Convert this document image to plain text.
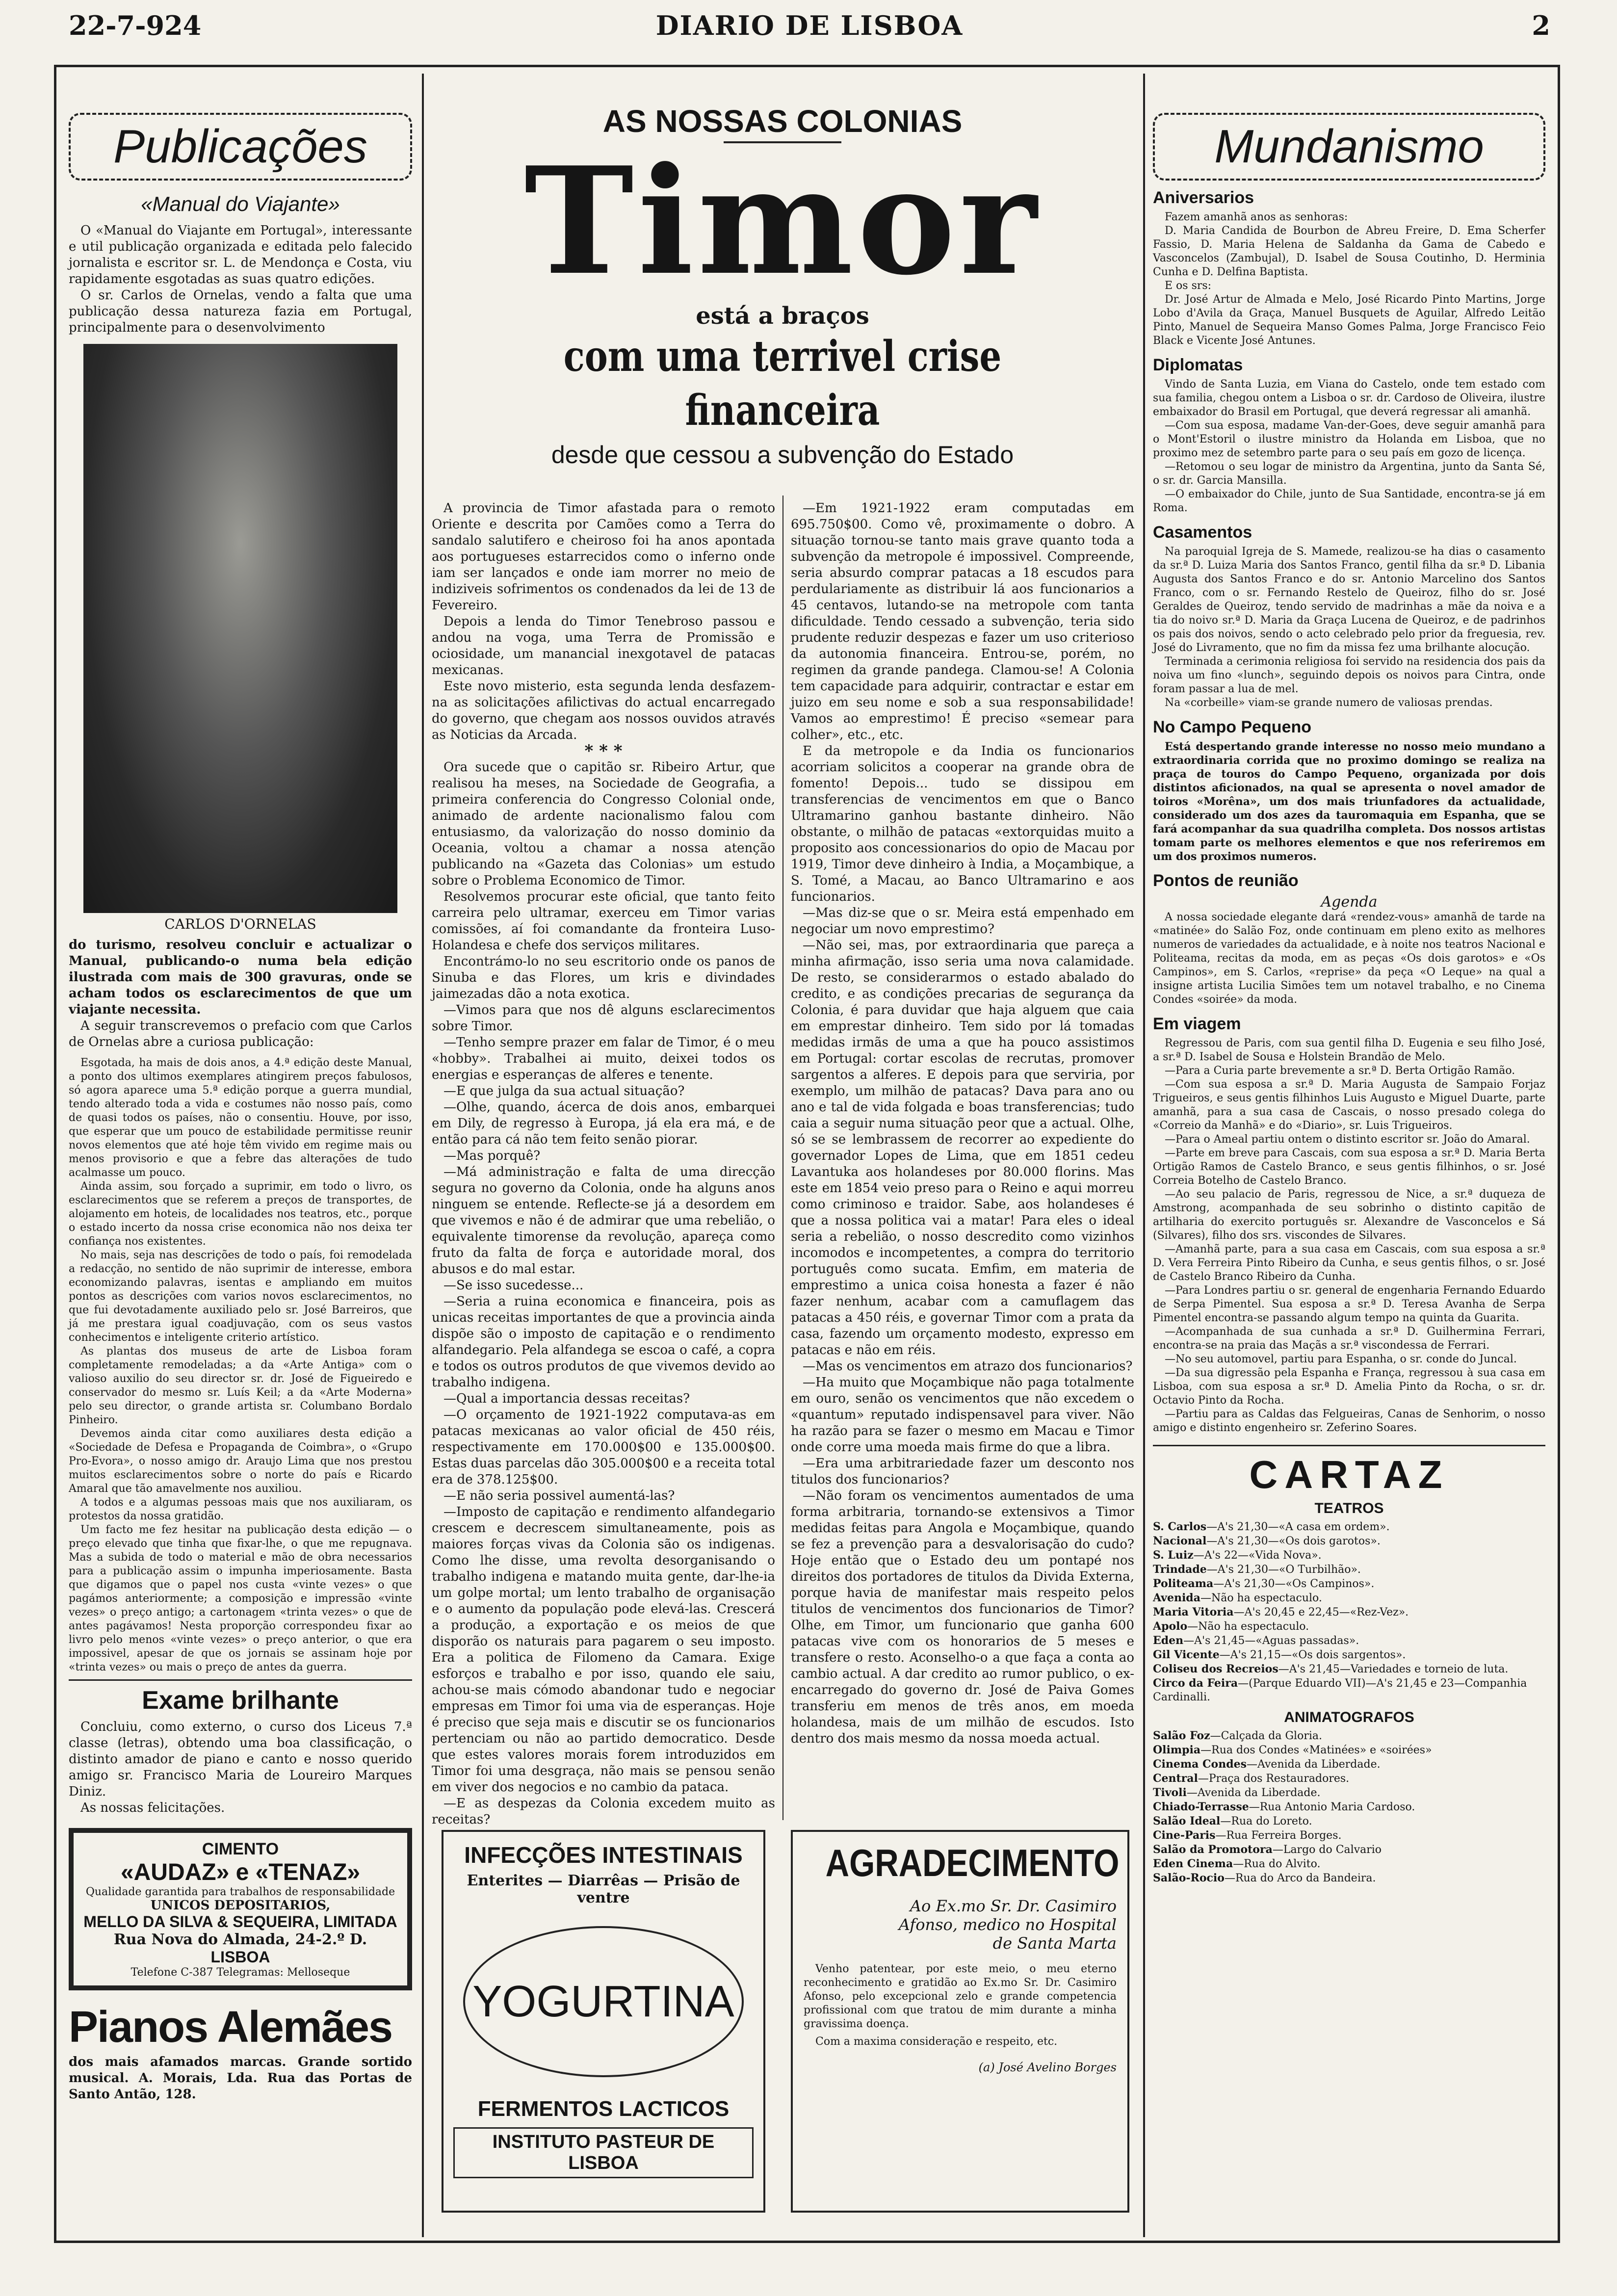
22-7-924	DIARIO DE LISBOA	2
Publicações
«Manual do Viajante»

O «Manual do Viajante em Portugal», interessante e util publicação organizada e editada pelo falecido jornalista e escritor sr. L. de Mendonça e Costa, viu rapidamente esgotadas as suas quatro edições.

O sr. Carlos de Ornelas, vendo a falta que uma publicação dessa natureza fazia em Portugal, principalmente para o desenvolvimento

CARLOS D'ORNELAS

do turismo, resolveu concluir e actualizar o Manual, publicando-o numa bela edição ilustrada com mais de 300 gravuras, onde se acham todos os esclarecimentos de que um viajante necessita.

A seguir transcrevemos o prefacio com que Carlos de Ornelas abre a curiosa publicação:

Esgotada, ha mais de dois anos, a 4.ª edição deste Manual, a ponto dos ultimos exemplares atingirem preços fabulosos, só agora aparece uma 5.ª edição porque a guerra mundial, tendo alterado toda a vida e costumes não nosso país, como de quasi todos os países, não o consentiu. Houve, por isso, que esperar que um pouco de estabilidade permitisse reunir novos elementos que até hoje têm vivido em regime mais ou menos provisorio e que a febre das alterações de tudo acalmasse um pouco.

Ainda assim, sou forçado a suprimir, em todo o livro, os esclarecimentos que se referem a preços de transportes, de alojamento em hoteis, de localidades nos teatros, etc., porque o estado incerto da nossa crise economica não nos deixa ter confiança nos existentes.

No mais, seja nas descrições de todo o país, foi remodelada a redacção, no sentido de não suprimir de interesse, embora economizando palavras, isentas e ampliando em muitos pontos as descrições com varios novos esclarecimentos, no que fui devotadamente auxiliado pelo sr. José Barreiros, que já me prestara igual coadjuvação, com os seus vastos conhecimentos e inteligente criterio artístico.

As plantas dos museus de arte de Lisboa foram completamente remodeladas; a da «Arte Antiga» com o valioso auxilio do seu director sr. dr. José de Figueiredo e conservador do mesmo sr. Luís Keil; a da «Arte Moderna» pelo seu director, o grande artista sr. Columbano Bordalo Pinheiro.

Devemos ainda citar como auxiliares desta edição a «Sociedade de Defesa e Propaganda de Coimbra», o «Grupo Pro-Evora», o nosso amigo dr. Araujo Lima que nos prestou muitos esclarecimentos sobre o norte do país e Ricardo Amaral que tão amavelmente nos auxiliou.

A todos e a algumas pessoas mais que nos auxiliaram, os protestos da nossa gratidão.

Um facto me fez hesitar na publicação desta edição — o preço elevado que tinha que fixar-lhe, o que me repugnava. Mas a subida de todo o material e mão de obra necessarios para a publicação assim o impunha imperiosamente. Basta que digamos que o papel nos custa «vinte vezes» o que pagámos anteriormente; a composição e impressão «vinte vezes» o preço antigo; a cartonagem «trinta vezes» o que de antes pagávamos! Nesta proporção correspondeu fixar ao livro pelo menos «vinte vezes» o preço anterior, o que era impossivel, apesar de que os jornais se assinam hoje por «trinta vezes» ou mais o preço de antes da guerra.

Exame brilhante

Concluiu, como externo, o curso dos Liceus 7.ª classe (letras), obtendo uma boa classificação, o distinto amador de piano e canto e nosso querido amigo sr. Francisco Maria de Loureiro Marques Diniz.

As nossas felicitações.

CIMENTO
«AUDAZ» e «TENAZ»
Qualidade garantida para trabalhos de responsabilidade
UNICOS DEPOSITARIOS,
MELLO DA SILVA & SEQUEIRA, LIMITADA
Rua Nova do Almada, 24-2.º D.
LISBOA
Telefone C-387 Telegramas: Melloseque
Pianos Alemães

dos mais afamados marcas. Grande sortido musical. A. Morais, Lda. Rua das Portas de Santo Antão, 128.

AS NOSSAS COLONIAS
Timor
está a braços
com uma terrivel crise financeira
desde que cessou a subvenção do Estado

A provincia de Timor afastada para o remoto Oriente e descrita por Camões como a Terra do sandalo salutifero e cheiroso foi ha anos apontada aos portugueses estarrecidos como o inferno onde iam ser lançados e onde iam morrer no meio de indiziveis sofrimentos os condenados da lei de 13 de Fevereiro.

Depois a lenda do Timor Tenebroso passou e andou na voga, uma Terra de Promissão e ociosidade, um manancial inexgotavel de patacas mexicanas.

Este novo misterio, esta segunda lenda desfazem-na as solicitações afilictivas do actual encarregado do governo, que chegam aos nossos ouvidos através as Noticias da Arcada.

* * *

Ora sucede que o capitão sr. Ribeiro Artur, que realisou ha meses, na Sociedade de Geografia, a primeira conferencia do Congresso Colonial onde, animado de ardente nacionalismo falou com entusiasmo, da valorização do nosso dominio da Oceania, voltou a chamar a nossa atenção publicando na «Gazeta das Colonias» um estudo sobre o Problema Economico de Timor.

Resolvemos procurar este oficial, que tanto feito carreira pelo ultramar, exerceu em Timor varias comissões, aí foi comandante da fronteira Luso-Holandesa e chefe dos serviços militares.

Encontrámo-lo no seu escritorio onde os panos de Sinuba e das Flores, um kris e divindades jaimezadas dão a nota exotica.

—Vimos para que nos dê alguns esclarecimentos sobre Timor.

—Tenho sempre prazer em falar de Timor, é o meu «hobby». Trabalhei ai muito, deixei todos os energias e esperanças de alferes e tenente.

—E que julga da sua actual situação?

—Olhe, quando, ácerca de dois anos, embarquei em Dily, de regresso à Europa, já ela era má, e de então para cá não tem feito senão piorar.

—Mas porquê?

—Má administração e falta de uma direcção segura no governo da Colonia, onde ha alguns anos ninguem se entende. Reflecte-se já a desordem em que vivemos e não é de admirar que uma rebelião, o equivalente timorense da revolução, apareça como fruto da falta de força e autoridade moral, dos abusos e do mal estar.

—Se isso sucedesse...

—Seria a ruina economica e financeira, pois as unicas receitas importantes de que a provincia ainda dispõe são o imposto de capitação e o rendimento alfandegario. Pela alfandega se escoa o café, a copra e todos os outros produtos de que vivemos devido ao trabalho indigena.

—Qual a importancia dessas receitas?

—O orçamento de 1921-1922 computava-as em patacas mexicanas ao valor oficial de 450 réis, respectivamente em 170.000$00 e 135.000$00. Estas duas parcelas dão 305.000$00 e a receita total era de 378.125$00.

—E não seria possivel aumentá-las?

—Imposto de capitação e rendimento alfandegario crescem e decrescem simultaneamente, pois as maiores forças vivas da Colonia são os indigenas. Como lhe disse, uma revolta desorganisando o trabalho indigena e matando muita gente, dar-lhe-ia um golpe mortal; um lento trabalho de organisação e o aumento da população pode elevá-las. Crescerá a produção, a exportação e os meios de que disporão os naturais para pagarem o seu imposto. Era a politica de Filomeno da Camara. Exige esforços e trabalho e por isso, quando ele saiu, achou-se mais cómodo abandonar tudo e negociar empresas em Timor foi uma via de esperanças. Hoje é preciso que seja mais e discutir se os funcionarios pertenciam ou não ao partido democratico. Desde que estes valores morais forem introduzidos em Timor foi uma desgraça, não mais se pensou senão em viver dos negocios e no cambio da pataca.

—E as despezas da Colonia excedem muito as receitas?

—Em 1921-1922 eram computadas em 695.750$00. Como vê, proximamente o dobro. A situação tornou-se tanto mais grave quanto toda a subvenção da metropole é impossivel. Compreende, seria absurdo comprar patacas a 18 escudos para perdulariamente as distribuir lá aos funcionarios a 45 centavos, lutando-se na metropole com tanta dificuldade. Tendo cessado a subvenção, teria sido prudente reduzir despezas e fazer um uso criterioso da autonomia financeira. Entrou-se, porém, no regimen da grande pandega. Clamou-se! A Colonia tem capacidade para adquirir, contractar e estar em juizo em seu nome e sob a sua responsabilidade! Vamos ao emprestimo! É preciso «semear para colher», etc., etc.

E da metropole e da India os funcionarios acorriam solicitos a cooperar na grande obra de fomento! Depois... tudo se dissipou em transferencias de vencimentos em que o Banco Ultramarino ganhou bastante dinheiro. Não obstante, o milhão de patacas «extorquidas muito a proposito aos concessionarios do opio de Macau por 1919, Timor deve dinheiro à India, a Moçambique, a S. Tomé, a Macau, ao Banco Ultramarino e aos funcionarios.

—Mas diz-se que o sr. Meira está empenhado em negociar um novo emprestimo?

—Não sei, mas, por extraordinaria que pareça a minha afirmação, isso seria uma nova calamidade. De resto, se considerarmos o estado abalado do credito, e as condições precarias de segurança da Colonia, é para duvidar que haja alguem que caia em emprestar dinheiro. Tem sido por lá tomadas medidas irmãs de uma a que ha pouco assistimos em Portugal: cortar escolas de recrutas, promover sargentos a alferes. E depois para que serviria, por exemplo, um milhão de patacas? Dava para ano ou ano e tal de vida folgada e boas transferencias; tudo caia a seguir numa situação peor que a actual. Olhe, só se se lembrassem de recorrer ao expediente do governador Lopes de Lima, que em 1851 cedeu Lavantuka aos holandeses por 80.000 florins. Mas este em 1854 veio preso para o Reino e aqui morreu como criminoso e traidor. Sabe, aos holandeses é que a nossa politica vai a matar! Para eles o ideal seria a rebelião, o nosso descredito como vizinhos incomodos e incompetentes, a compra do territorio português como sucata. Emfim, em materia de emprestimo a unica coisa honesta a fazer é não fazer nenhum, acabar com a camuflagem das patacas a 450 réis, e governar Timor com a prata da casa, fazendo um orçamento modesto, expresso em patacas e não em réis.

—Mas os vencimentos em atrazo dos funcionarios?

—Ha muito que Moçambique não paga totalmente em ouro, senão os vencimentos que não excedem o «quantum» reputado indispensavel para viver. Não ha razão para se fazer o mesmo em Macau e Timor onde corre uma moeda mais firme do que a libra.

—Era uma arbitrariedade fazer um desconto nos titulos dos funcionarios?

—Não foram os vencimentos aumentados de uma forma arbitraria, tornando-se extensivos a Timor medidas feitas para Angola e Moçambique, quando se fez a prevenção para a desvalorisação do cudo? Hoje então que o Estado deu um pontapé nos direitos dos portadores de titulos da Divida Externa, porque havia de manifestar mais respeito pelos titulos de vencimentos dos funcionarios de Timor? Olhe, em Timor, um funcionario que ganha 600 patacas vive com os honorarios de 5 meses e transfere o resto. Aconselho-o a que faça a conta ao cambio actual. A dar credito ao rumor publico, o ex-encarregado do governo dr. José de Paiva Gomes transferiu em menos de três anos, em moeda holandesa, mais de um milhão de escudos. Isto dentro dos mais mesmo da nossa moeda actual.

INFECÇÕES INTESTINAIS
Enterites — Diarrêas — Prisão de ventre
YOGURTINA
FERMENTOS LACTICOS
INSTITUTO PASTEUR DE LISBOA
AGRADECIMENTO
Ao Ex.mo Sr. Dr. Casimiro
Afonso, medico no Hospital
de Santa Marta

Venho patentear, por este meio, o meu eterno reconhecimento e gratidão ao Ex.mo Sr. Dr. Casimiro Afonso, pelo excepcional zelo e grande competencia profissional com que tratou de mim durante a minha gravissima doença.

Com a maxima consideração e respeito, etc.

(a) José Avelino Borges
Mundanismo
Aniversarios

Fazem amanhã anos as senhoras:

D. Maria Candida de Bourbon de Abreu Freire, D. Ema Scherfer Fassio, D. Maria Helena de Saldanha da Gama de Cabedo e Vasconcelos (Zambujal), D. Isabel de Sousa Coutinho, D. Herminia Cunha e D. Delfina Baptista.

E os srs:

Dr. José Artur de Almada e Melo, José Ricardo Pinto Martins, Jorge Lobo d'Avila da Graça, Manuel Busquets de Aguilar, Alfredo Leitão Pinto, Manuel de Sequeira Manso Gomes Palma, Jorge Francisco Feio Black e Vicente José Antunes.

Diplomatas

Vindo de Santa Luzia, em Viana do Castelo, onde tem estado com sua familia, chegou ontem a Lisboa o sr. dr. Cardoso de Oliveira, ilustre embaixador do Brasil em Portugal, que deverá regressar ali amanhã.

—Com sua esposa, madame Van-der-Goes, deve seguir amanhã para o Mont'Estoril o ilustre ministro da Holanda em Lisboa, que no proximo mez de setembro parte para o seu país em gozo de licença.

—Retomou o seu logar de ministro da Argentina, junto da Santa Sé, o sr. dr. Garcia Mansilla.

—O embaixador do Chile, junto de Sua Santidade, encontra-se já em Roma.

Casamentos

Na paroquial Igreja de S. Mamede, realizou-se ha dias o casamento da sr.ª D. Luiza Maria dos Santos Franco, gentil filha da sr.ª D. Libania Augusta dos Santos Franco e do sr. Antonio Marcelino dos Santos Franco, com o sr. Fernando Restelo de Queiroz, filho do sr. José Geraldes de Queiroz, tendo servido de madrinhas a mãe da noiva e a tia do noivo sr.ª D. Maria da Graça Lucena de Queiroz, e de padrinhos os pais dos noivos, sendo o acto celebrado pelo prior da freguesia, rev. José do Livramento, que no fim da missa fez uma brilhante alocução.

Terminada a cerimonia religiosa foi servido na residencia dos pais da noiva um fino «lunch», seguindo depois os noivos para Cintra, onde foram passar a lua de mel.

Na «corbeille» viam-se grande numero de valiosas prendas.

No Campo Pequeno

Está despertando grande interesse no nosso meio mundano a extraordinaria corrida que no proximo domingo se realiza na praça de touros do Campo Pequeno, organizada por dois distintos aficionados, na qual se apresenta o novel amador de toiros «Morêna», um dos mais triunfadores da actualidade, considerado um dos azes da tauromaquia em Espanha, que se fará acompanhar da sua quadrilha completa. Dos nossos artistas tomam parte os melhores elementos e que nos referiremos em um dos proximos numeros.

Pontos de reunião
Agenda

A nossa sociedade elegante dará «rendez-vous» amanhã de tarde na «matinée» do Salão Foz, onde continuam em pleno exito as melhores numeros de variedades da actualidade, e à noite nos teatros Nacional e Politeama, recitas da moda, em as peças «Os dois garotos» e «Os Campinos», em S. Carlos, «reprise» da peça «O Leque» na qual a insigne artista Lucilia Simões tem um notavel trabalho, e no Cinema Condes «soirée» da moda.

Em viagem

Regressou de Paris, com sua gentil filha D. Eugenia e seu filho José, a sr.ª D. Isabel de Sousa e Holstein Brandão de Melo.

—Para a Curia parte brevemente a sr.ª D. Berta Ortigão Ramão.

—Com sua esposa a sr.ª D. Maria Augusta de Sampaio Forjaz Trigueiros, e seus gentis filhinhos Luis Augusto e Miguel Duarte, parte amanhã, para a sua casa de Cascais, o nosso presado colega do «Correio da Manhã» e do «Diario», sr. Luis Trigueiros.

—Para o Ameal partiu ontem o distinto escritor sr. João do Amaral.

—Parte em breve para Cascais, com sua esposa a sr.ª D. Maria Berta Ortigão Ramos de Castelo Branco, e seus gentis filhinhos, o sr. José Correia Botelho de Castelo Branco.

—Ao seu palacio de Paris, regressou de Nice, a sr.ª duqueza de Amstrong, acompanhada de seu sobrinho o distinto capitão de artilharia do exercito português sr. Alexandre de Vasconcelos e Sá (Silvares), filho dos srs. viscondes de Silvares.

—Amanhã parte, para a sua casa em Cascais, com sua esposa a sr.ª D. Vera Ferreira Pinto Ribeiro da Cunha, e seus gentis filhos, o sr. José de Castelo Branco Ribeiro da Cunha.

—Para Londres partiu o sr. general de engenharia Fernando Eduardo de Serpa Pimentel. Sua esposa a sr.ª D. Teresa Avanha de Serpa Pimentel encontra-se passando algum tempo na quinta da Guarita.

—Acompanhada de sua cunhada a sr.ª D. Guilhermina Ferrari, encontra-se na praia das Maçãs a sr.ª viscondessa de Ferrari.

—No seu automovel, partiu para Espanha, o sr. conde do Juncal.

—Da sua digressão pela Espanha e França, regressou à sua casa em Lisboa, com sua esposa a sr.ª D. Amelia Pinto da Rocha, o sr. dr. Octavio Pinto da Rocha.

—Partiu para as Caldas das Felgueiras, Canas de Senhorim, o nosso amigo e distinto engenheiro sr. Zeferino Soares.

CARTAZ
TEATROS
S. Carlos—A's 21,30—«A casa em ordem».
Nacional—A's 21,30—«Os dois garotos».
S. Luiz—A's 22—«Vida Nova».
Trindade—A's 21,30—«O Turbilhão».
Politeama—A's 21,30—«Os Campinos».
Avenida—Não ha espectaculo.
Maria Vitoria—A's 20,45 e 22,45—«Rez-Vez».
Apolo—Não ha espectaculo.
Eden—A's 21,45—«Aguas passadas».
Gil Vicente—A's 21,15—«Os dois sargentos».
Coliseu dos Recreios—A's 21,45—Variedades e torneio de luta.
Circo da Feira—(Parque Eduardo VII)—A's 21,45 e 23—Companhia Cardinalli.
ANIMATOGRAFOS
Salão Foz—Calçada da Gloria.
Olimpia—Rua dos Condes «Matinées» e «soirées»
Cinema Condes—Avenida da Liberdade.
Central—Praça dos Restauradores.
Tivoli—Avenida da Liberdade.
Chiado-Terrasse—Rua Antonio Maria Cardoso.
Salão Ideal—Rua do Loreto.
Cine-Paris—Rua Ferreira Borges.
Salão da Promotora—Largo do Calvario
Eden Cinema—Rua do Alvito.
Salão-Rocio—Rua do Arco da Bandeira.
